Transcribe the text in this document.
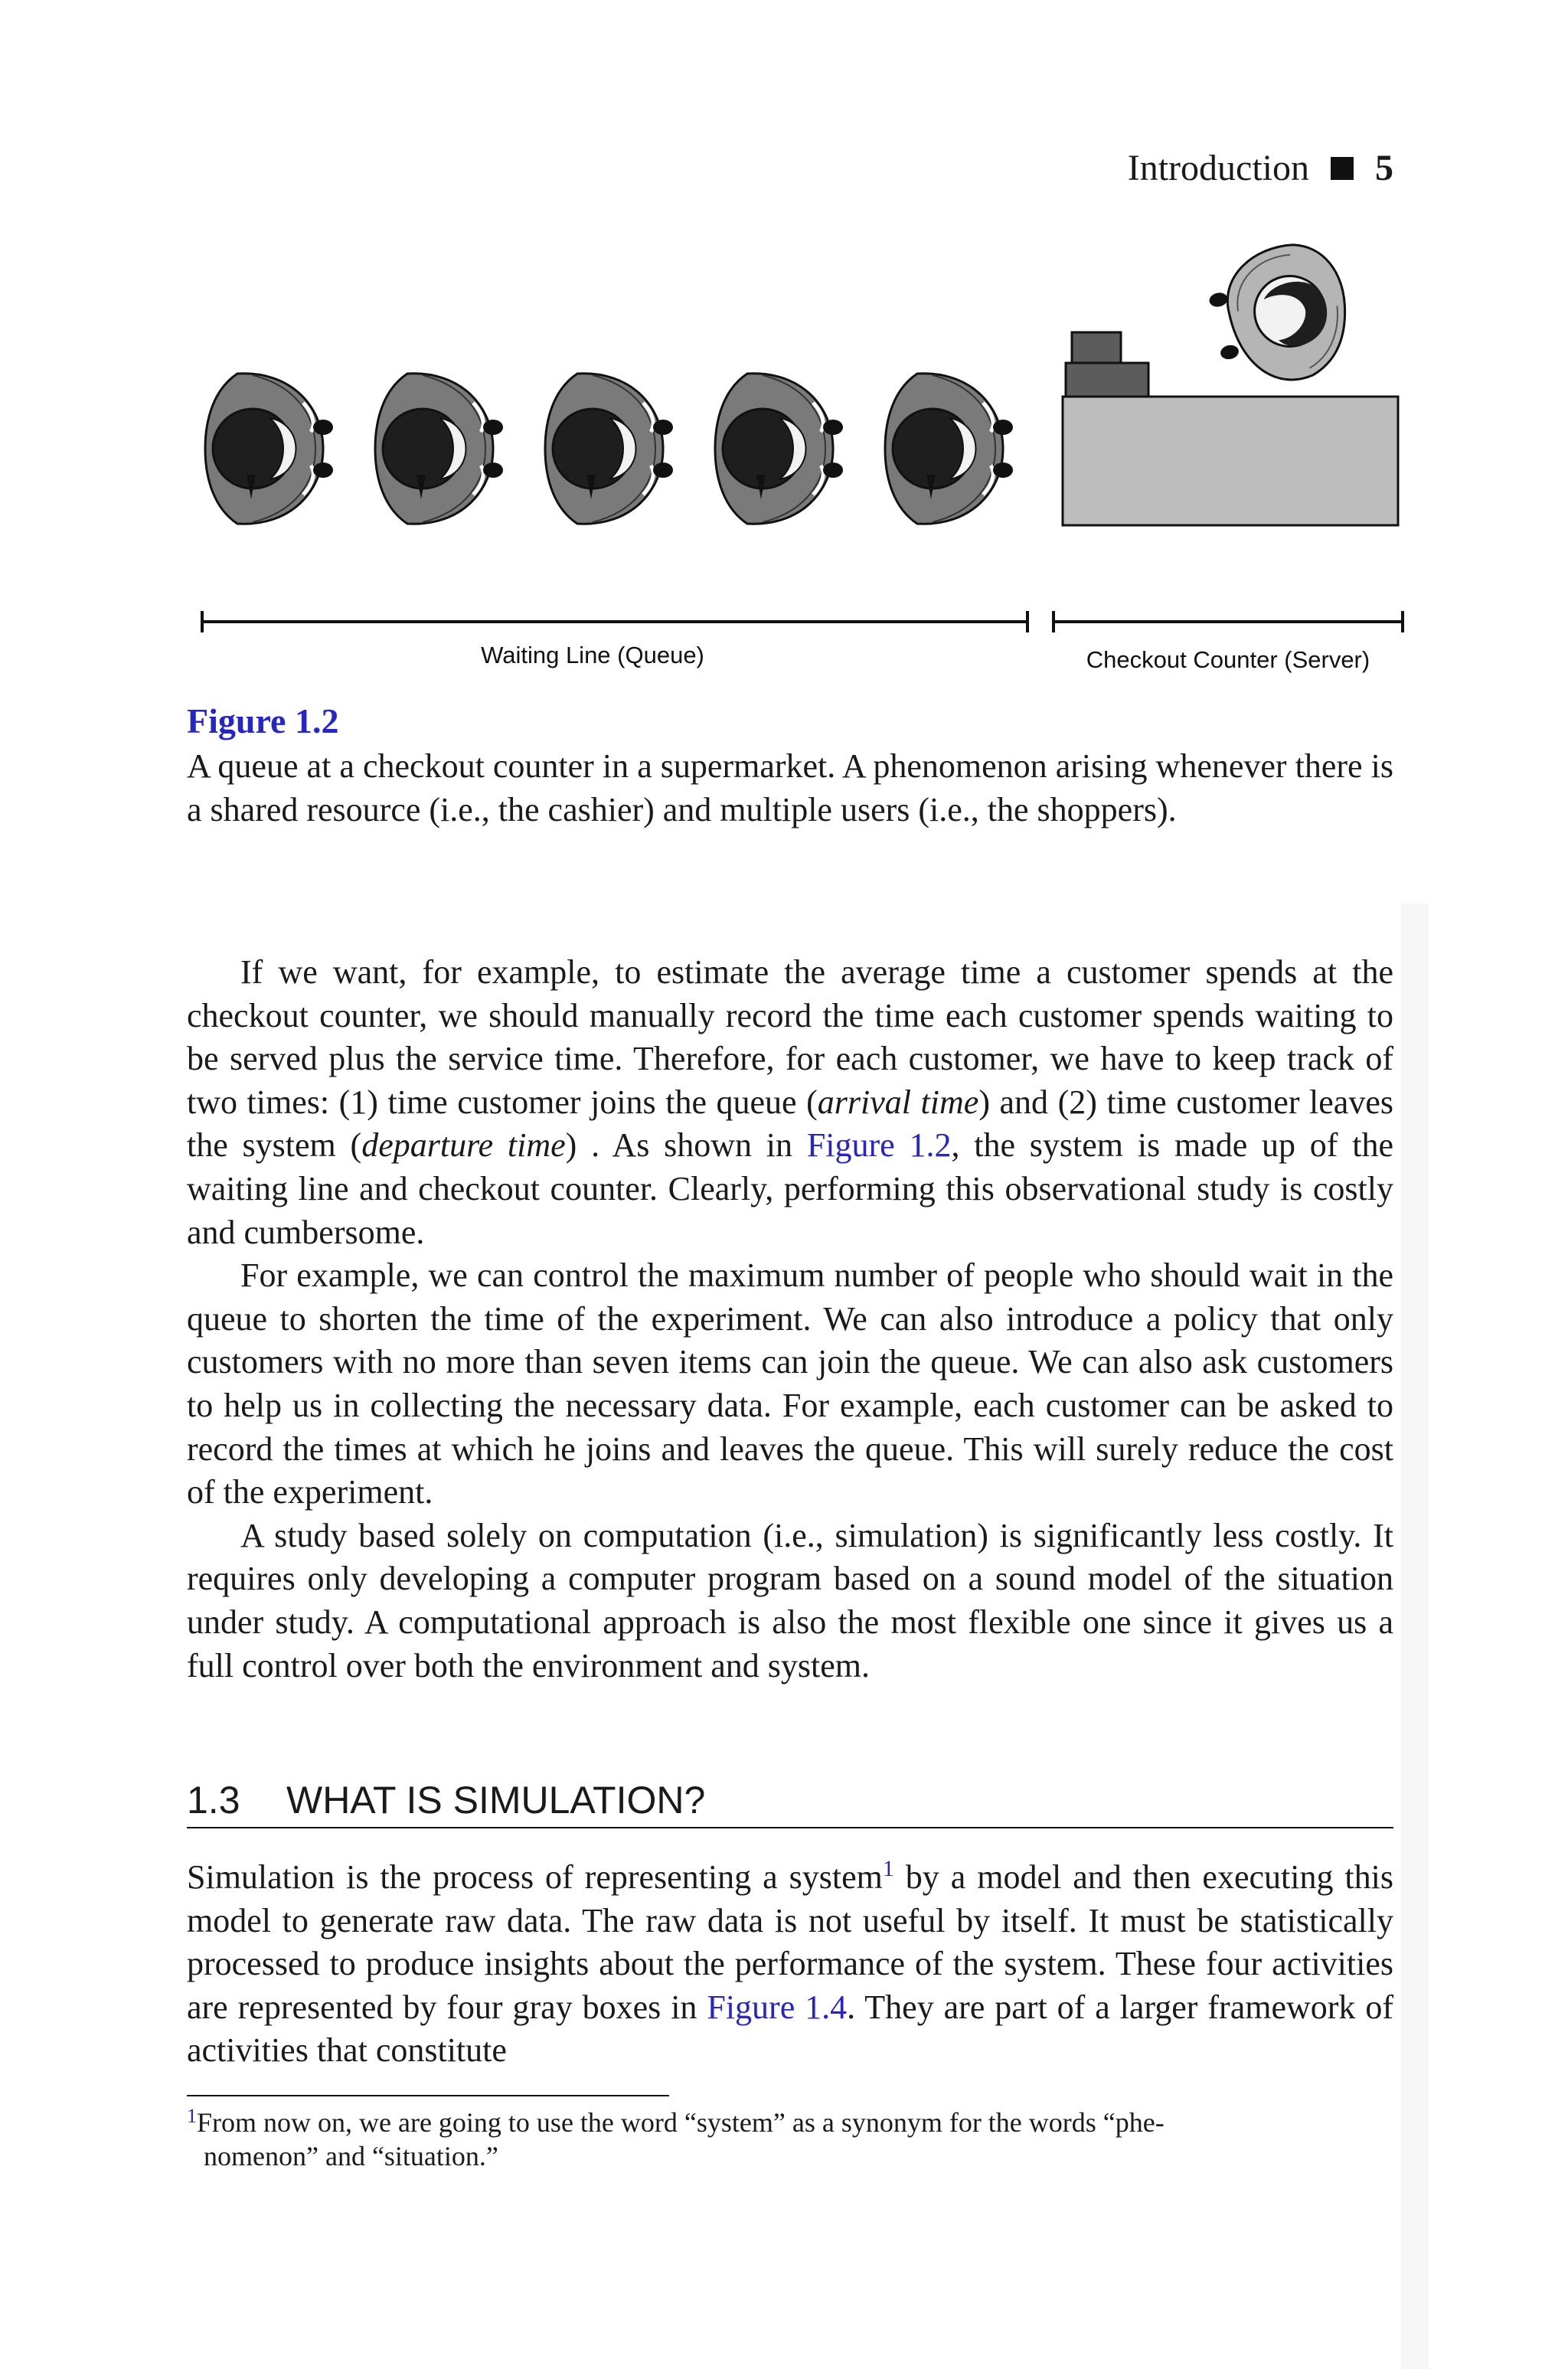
Introduction 5
Waiting Line (Queue)	Checkout Counter (Server)
Figure 1.2
A queue at a checkout counter in a supermarket. A phenomenon arising whenever there is a shared resource (i.e., the cashier) and multiple users (i.e., the shoppers).

If we want, for example, to estimate the average time a customer spends at the checkout counter, we should manually record the time each customer spends waiting to be served plus the service time. Therefore, for each customer, we have to keep track of two times: (1) time customer joins the queue (arrival time) and (2) time customer leaves the system (departure time) . As shown in Figure 1.2, the system is made up of the waiting line and checkout counter. Clearly, performing this observational study is costly and cumbersome.

For example, we can control the maximum number of people who should wait in the queue to shorten the time of the experiment. We can also introduce a policy that only customers with no more than seven items can join the queue. We can also ask customers to help us in collecting the necessary data. For example, each customer can be asked to record the times at which he joins and leaves the queue. This will surely reduce the cost of the experiment.

A study based solely on computation (i.e., simulation) is significantly less costly. It requires only developing a computer program based on a sound model of the situation under study. A computational approach is also the most flexible one since it gives us a full control over both the environment and system.

1.3 WHAT IS SIMULATION?

Simulation is the process of representing a system$^1$ by a model and then executing this model to generate raw data. The raw data is not useful by itself. It must be statistically processed to produce insights about the performance of the system. These four activities are represented by four gray boxes in Figure 1.4. They are part of a larger framework of activities that constitute

$^1$From now on, we are going to use the word “system” as a synonym for the words “phe-
nomenon” and “situation.”
